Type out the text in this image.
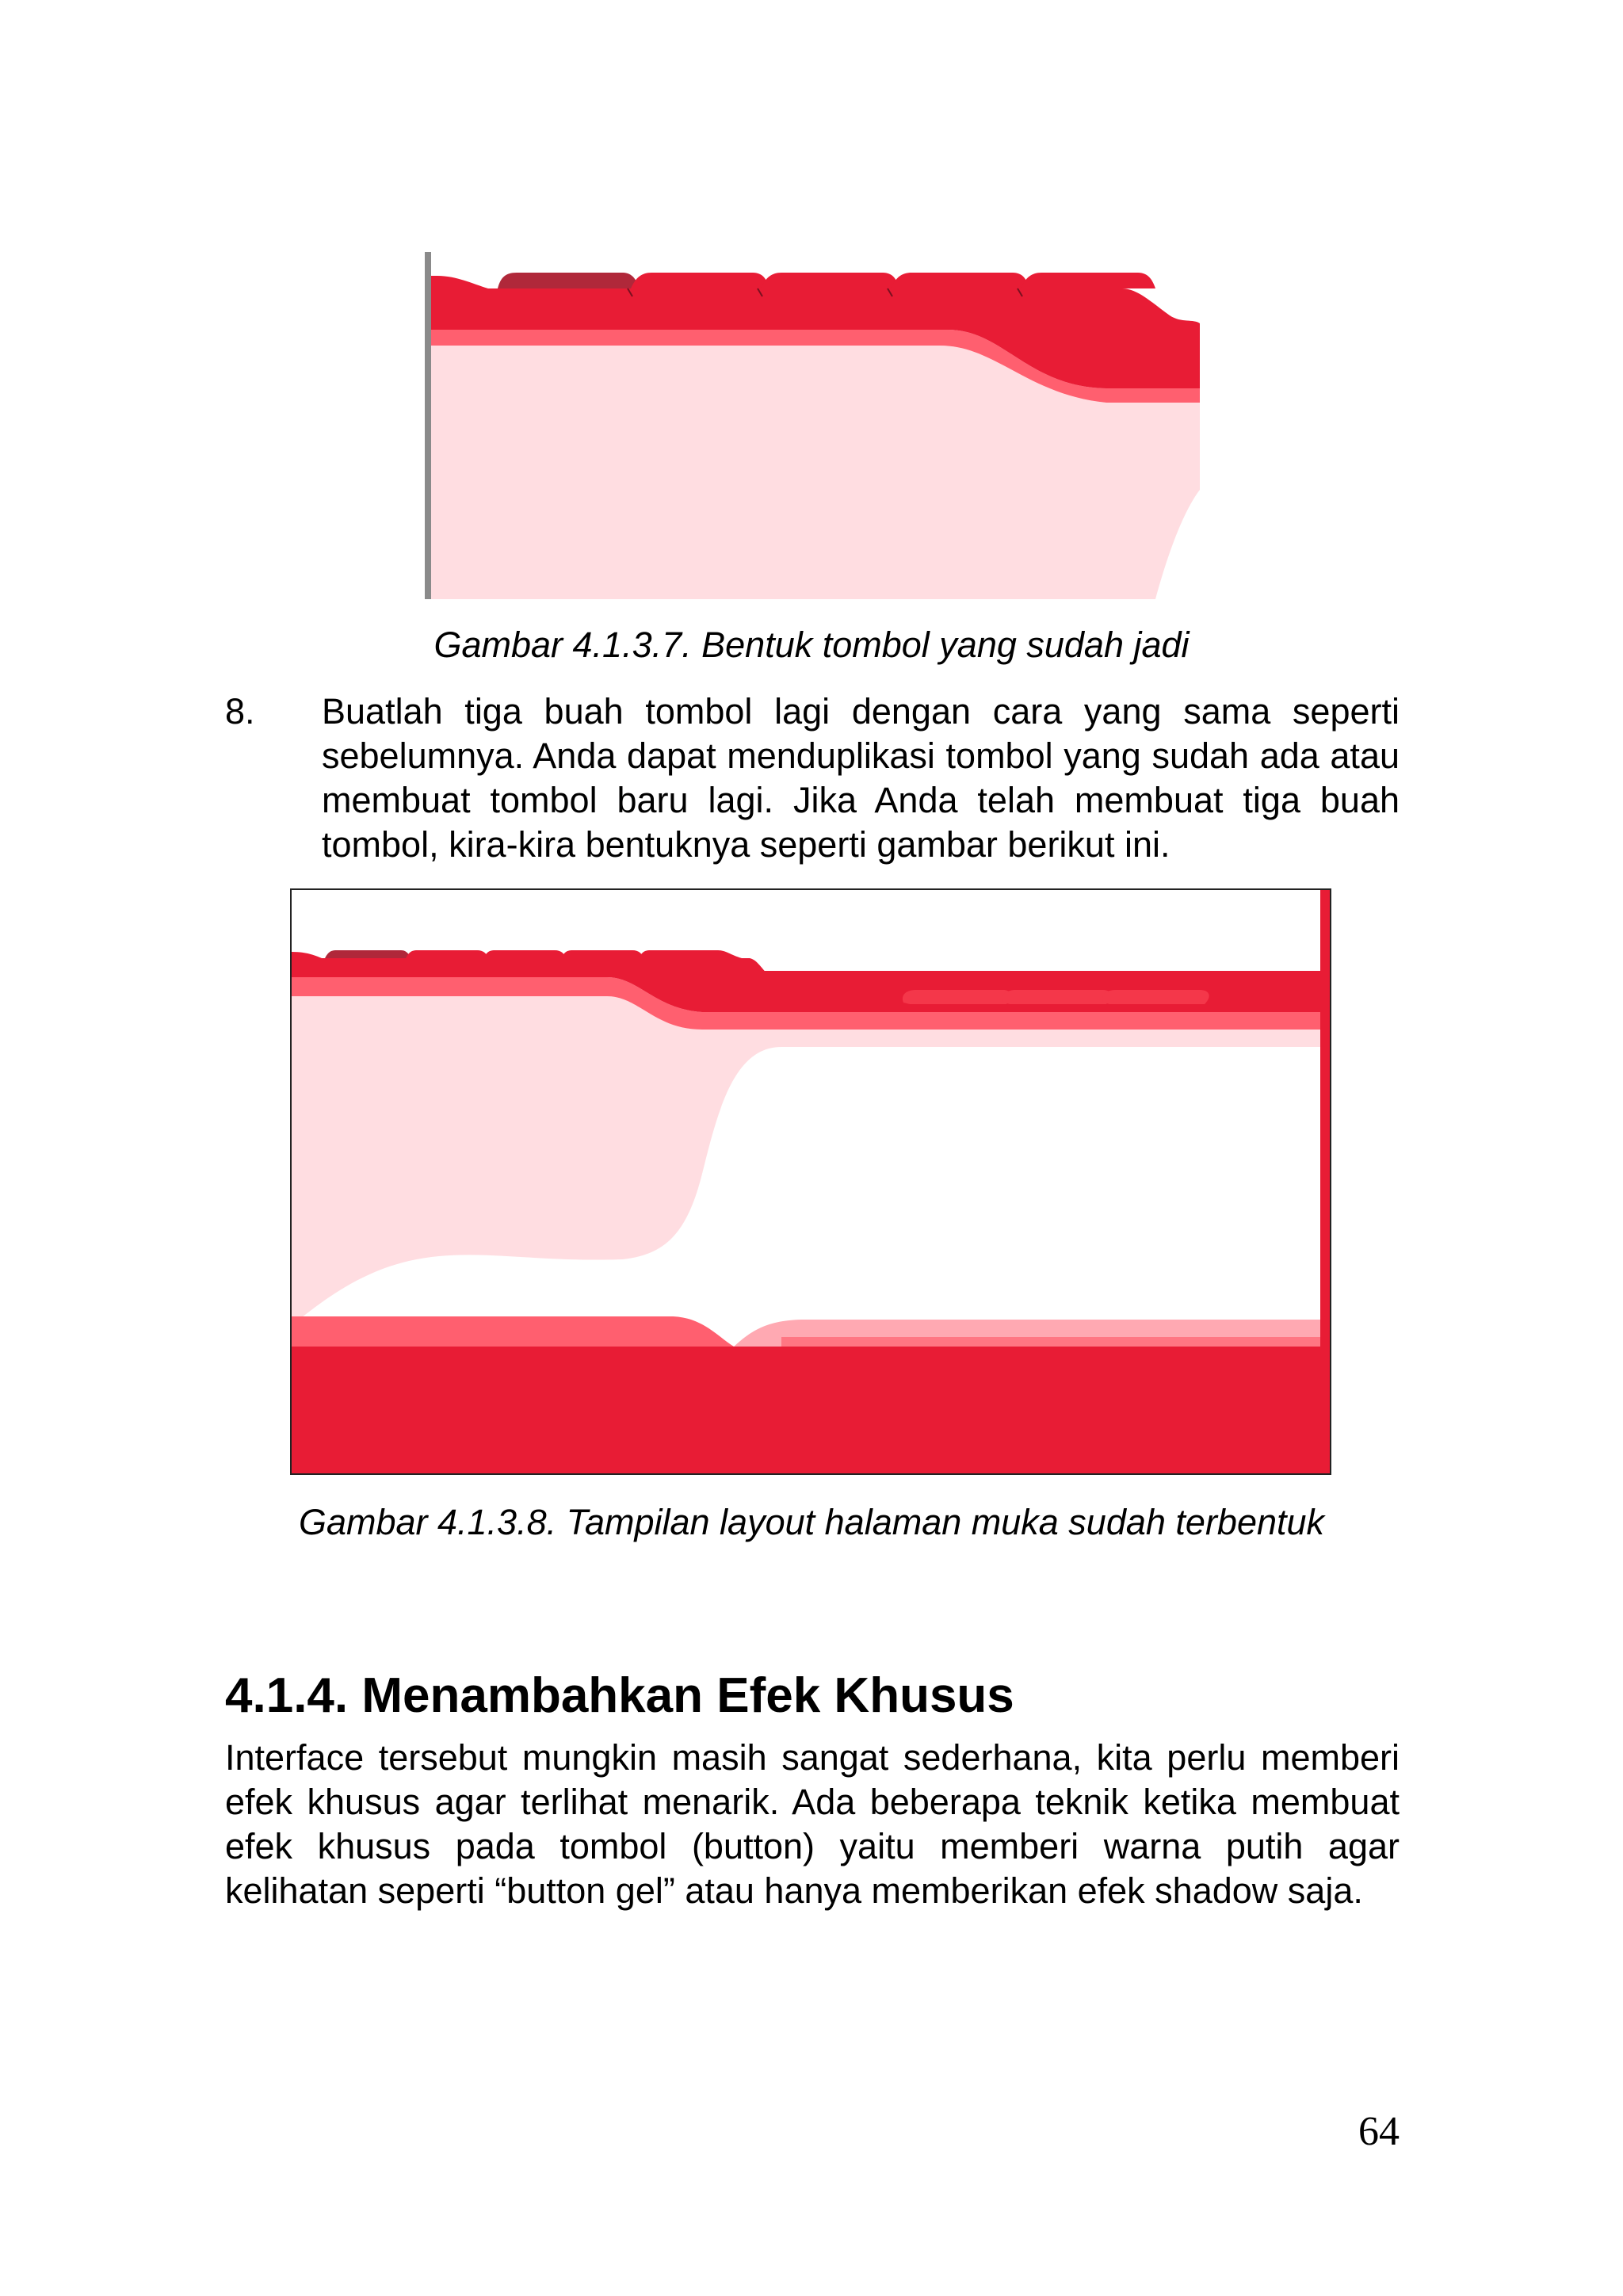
Gambar 4.1.3.7. Bentuk tombol yang sudah jadi
8. Buatlah tiga buah tombol lagi dengan cara yang sama seperti sebelumnya. Anda dapat menduplikasi tombol yang sudah ada atau membuat tombol baru lagi. Jika Anda telah membuat tiga buah tombol, kira-kira bentuknya seperti gambar berikut ini.

Gambar 4.1.3.8. Tampilan layout halaman muka sudah terbentuk
4.1.4. Menambahkan Efek Khusus

Interface tersebut mungkin masih sangat sederhana, kita perlu memberi efek khusus agar terlihat menarik. Ada beberapa teknik ketika membuat efek khusus pada tombol (button) yaitu memberi warna putih agar kelihatan seperti “button gel” atau hanya memberikan efek shadow saja.

64
